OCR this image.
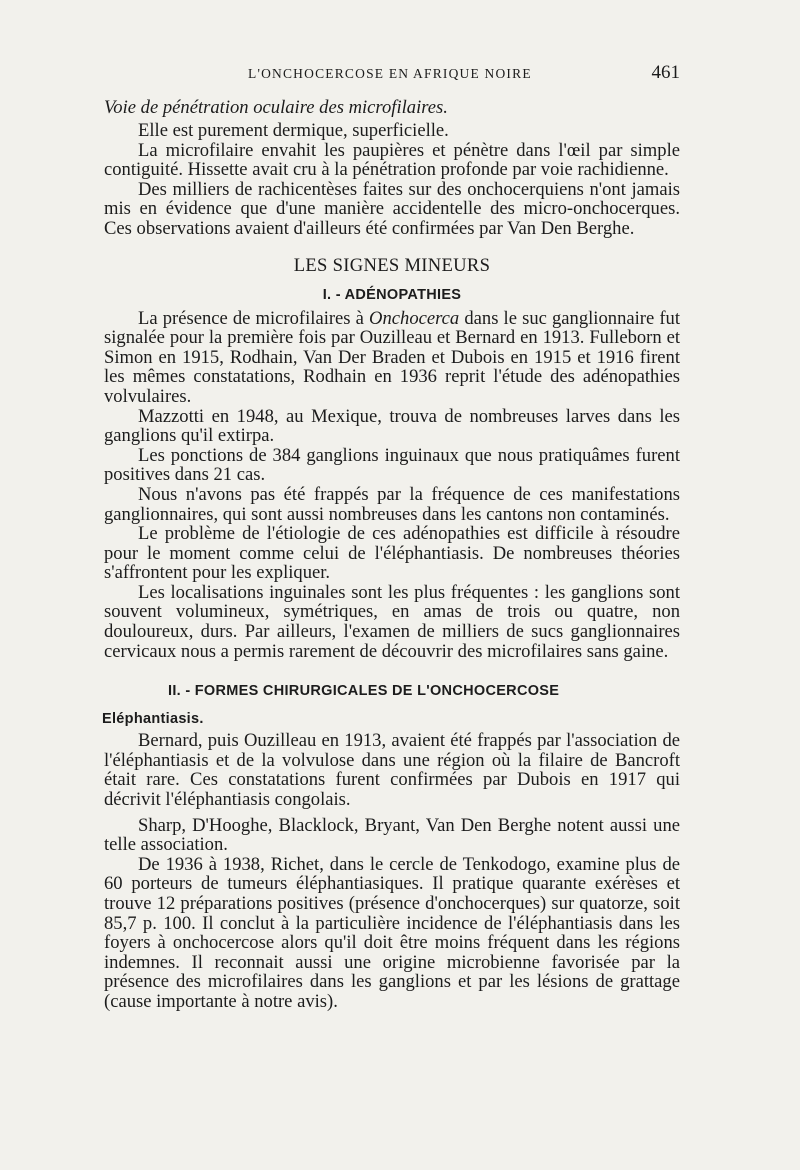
L'ONCHOCERCOSE EN AFRIQUE NOIRE	461
Voie de pénétration oculaire des microfilaires.

Elle est purement dermique, superficielle.

La microfilaire envahit les paupières et pénètre dans l'œil par simple contiguité. Hissette avait cru à la pénétration profonde par voie rachidienne.

Des milliers de rachicentèses faites sur des onchocerquiens n'ont jamais mis en évidence que d'une manière accidentelle des micro-onchocerques. Ces observations avaient d'ailleurs été confirmées par Van Den Berghe.

LES SIGNES MINEURS
I. - ADÉNOPATHIES

La présence de microfilaires à Onchocerca dans le suc ganglionnaire fut signalée pour la première fois par Ouzilleau et Bernard en 1913. Fulleborn et Simon en 1915, Rodhain, Van Der Braden et Dubois en 1915 et 1916 firent les mêmes constatations, Rodhain en 1936 reprit l'étude des adénopathies volvulaires.

Mazzotti en 1948, au Mexique, trouva de nombreuses larves dans les ganglions qu'il extirpa.

Les ponctions de 384 ganglions inguinaux que nous pratiquâmes furent positives dans 21 cas.

Nous n'avons pas été frappés par la fréquence de ces manifestations ganglionnaires, qui sont aussi nombreuses dans les cantons non contaminés.

Le problème de l'étiologie de ces adénopathies est difficile à résoudre pour le moment comme celui de l'éléphantiasis. De nombreuses théories s'affrontent pour les expliquer.

Les localisations inguinales sont les plus fréquentes : les ganglions sont souvent volumineux, symétriques, en amas de trois ou quatre, non douloureux, durs. Par ailleurs, l'examen de milliers de sucs ganglionnaires cervicaux nous a permis rarement de découvrir des microfilaires sans gaine.

II. - FORMES CHIRURGICALES DE L'ONCHOCERCOSE
Eléphantiasis.

Bernard, puis Ouzilleau en 1913, avaient été frappés par l'association de l'éléphantiasis et de la volvulose dans une région où la filaire de Bancroft était rare. Ces constatations furent confirmées par Dubois en 1917 qui décrivit l'éléphantiasis congolais.

Sharp, D'Hooghe, Blacklock, Bryant, Van Den Berghe notent aussi une telle association.

De 1936 à 1938, Richet, dans le cercle de Tenkodogo, examine plus de 60 porteurs de tumeurs éléphantiasiques. Il pratique quarante exérèses et trouve 12 préparations positives (présence d'onchocerques) sur quatorze, soit 85,7 p. 100. Il conclut à la particulière incidence de l'éléphantiasis dans les foyers à onchocercose alors qu'il doit être moins fréquent dans les régions indemnes. Il reconnait aussi une origine microbienne favorisée par la présence des microfilaires dans les ganglions et par les lésions de grattage (cause importante à notre avis).
